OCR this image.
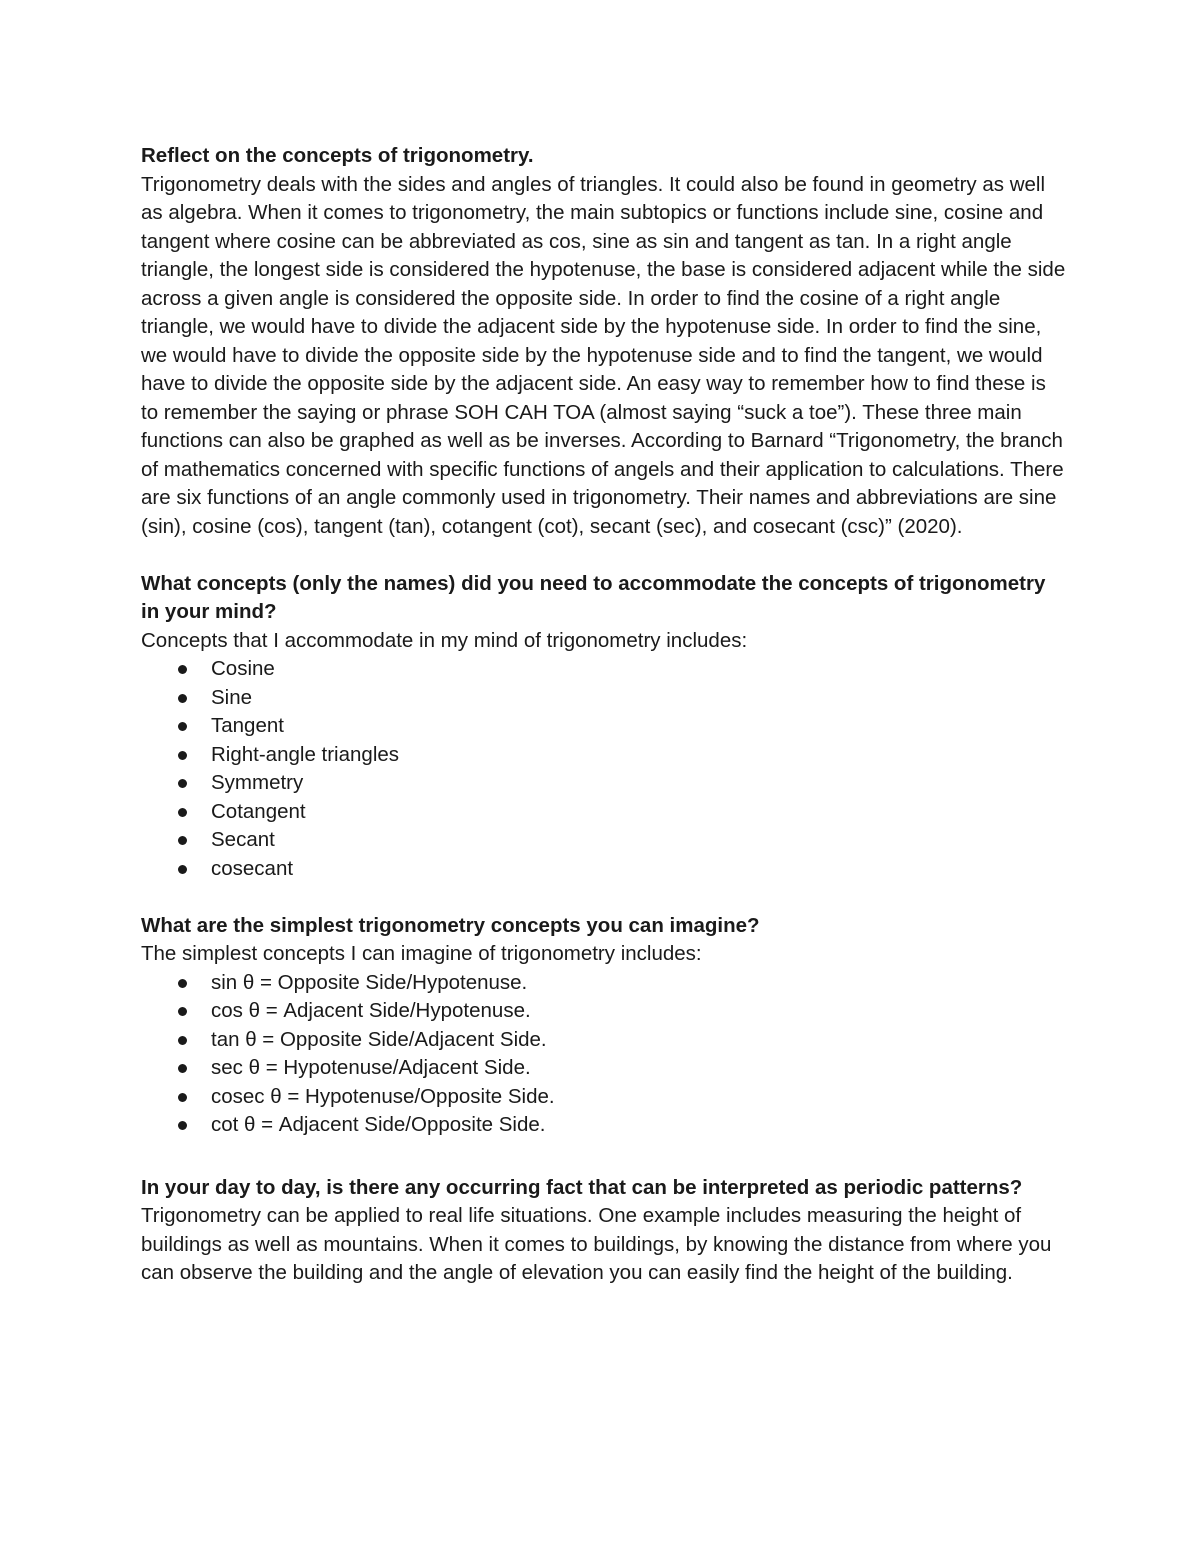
Reflect on the concepts of trigonometry.

Trigonometry deals with the sides and angles of triangles. It could also be found in geometry as well as algebra. When it comes to trigonometry, the main subtopics or functions include sine, cosine and tangent where cosine can be abbreviated as cos, sine as sin and tangent as tan. In a right angle triangle, the longest side is considered the hypotenuse, the base is considered adjacent while the side across a given angle is considered the opposite side. In order to find the cosine of a right angle triangle, we would have to divide the adjacent side by the hypotenuse side. In order to find the sine, we would have to divide the opposite side by the hypotenuse side and to find the tangent, we would have to divide the opposite side by the adjacent side. An easy way to remember how to find these is to remember the saying or phrase SOH CAH TOA (almost saying “suck a toe”). These three main functions can also be graphed as well as be inverses. According to Barnard “Trigonometry, the branch of mathematics concerned with specific functions of angels and their application to calculations. There are six functions of an angle commonly used in trigonometry. Their names and abbreviations are sine (sin), cosine (cos), tangent (tan), cotangent (cot), secant (sec), and cosecant (csc)” (2020).

What concepts (only the names) did you need to accommodate the concepts of trigonometry in your mind?

Concepts that I accommodate in my mind of trigonometry includes:

Cosine
Sine
Tangent
Right-angle triangles
Symmetry
Cotangent
Secant
cosecant

What are the simplest trigonometry concepts you can imagine?

The simplest concepts I can imagine of trigonometry includes:

sin θ = Opposite Side/Hypotenuse.
cos θ = Adjacent Side/Hypotenuse.
tan θ = Opposite Side/Adjacent Side.
sec θ = Hypotenuse/Adjacent Side.
cosec θ = Hypotenuse/Opposite Side.
cot θ = Adjacent Side/Opposite Side.

In your day to day, is there any occurring fact that can be interpreted as periodic patterns?

Trigonometry can be applied to real life situations. One example includes measuring the height of buildings as well as mountains. When it comes to buildings, by knowing the distance from where you can observe the building and the angle of elevation you can easily find the height of the building.
